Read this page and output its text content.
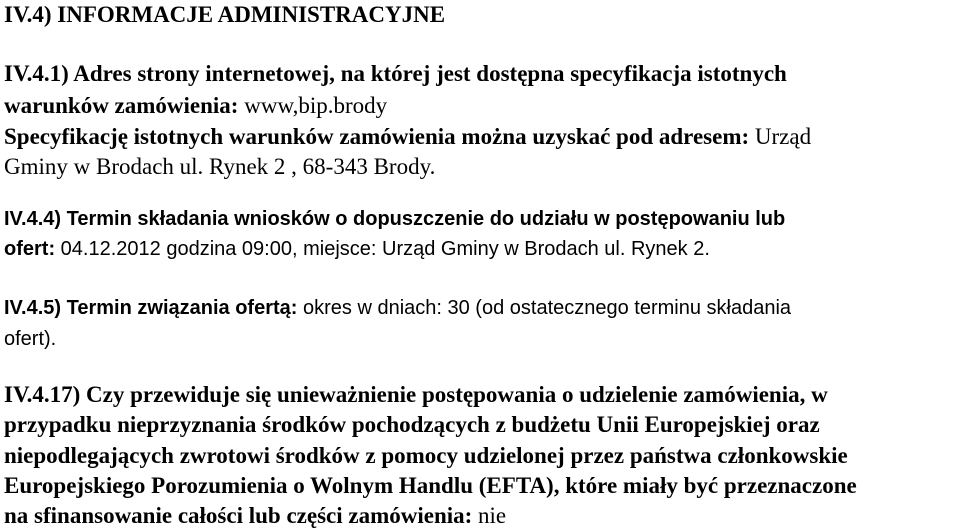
IV.4) INFORMACJE ADMINISTRACYJNE
IV.4.1) Adres strony internetowej, na której jest dostępna specyfikacja istotnych
warunków zamówienia: www,bip.brody
Specyfikację istotnych warunków zamówienia można uzyskać pod adresem: Urząd
Gminy w Brodach ul. Rynek 2 , 68-343 Brody.
IV.4.4) Termin składania wniosków o dopuszczenie do udziału w postępowaniu lub
ofert: 04.12.2012 godzina 09:00, miejsce: Urząd Gminy w Brodach ul. Rynek 2.
IV.4.5) Termin związania ofertą: okres w dniach: 30 (od ostatecznego terminu składania
ofert).
IV.4.17) Czy przewiduje się unieważnienie postępowania o udzielenie zamówienia, w
przypadku nieprzyznania środków pochodzących z budżetu Unii Europejskiej oraz
niepodlegających zwrotowi środków z pomocy udzielonej przez państwa członkowskie
Europejskiego Porozumienia o Wolnym Handlu (EFTA), które miały być przeznaczone
na sfinansowanie całości lub części zamówienia: nie
